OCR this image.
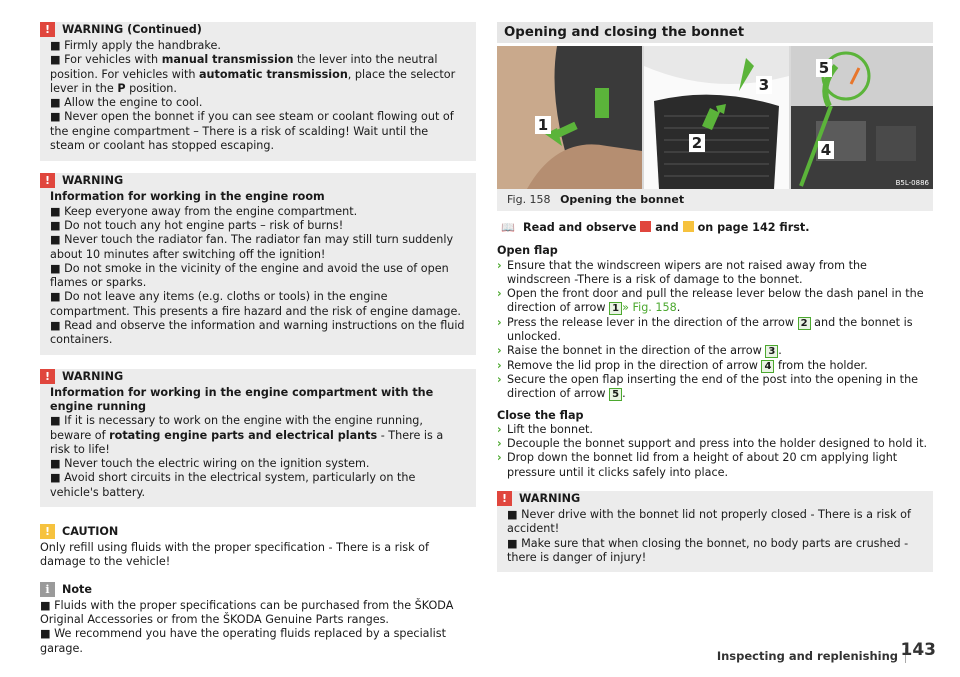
!	WARNING (Continued)

■ Firmly apply the handbrake.
■ For vehicles with manual transmission the lever into the neutral position. For vehicles with automatic transmission, place the selector lever in the P position.
■ Allow the engine to cool.
■ Never open the bonnet if you can see steam or coolant flowing out of the engine compartment – There is a risk of scalding! Wait until the steam or coolant has stopped escaping.

!	WARNING

Information for working in the engine room

■ Keep everyone away from the engine compartment.

■ Do not touch any hot engine parts – risk of burns!

■ Never touch the radiator fan. The radiator fan may still turn suddenly about 10 minutes after switching off the ignition!

■ Do not smoke in the vicinity of the engine and avoid the use of open flames or sparks.

■ Do not leave any items (e.g. cloths or tools) in the engine compartment. This presents a fire hazard and the risk of engine damage.

■ Read and observe the information and warning instructions on the fluid containers.

!	WARNING

Information for working in the engine compartment with the engine running

■ If it is necessary to work on the engine with the engine running, beware of rotating engine parts and electrical plants - There is a risk to life!

■ Never touch the electric wiring on the ignition system.

■ Avoid short circuits in the electrical system, particularly on the vehicle's battery.

!	CAUTION

Only refill using fluids with the proper specification - There is a risk of damage to the vehicle!

i	Note

■ Fluids with the proper specifications can be purchased from the ŠKODA Original Accessories or from the ŠKODA Genuine Parts ranges.

■ We recommend you have the operating fluids replaced by a specialist garage.

Opening and closing the bonnet
1
2
3
4
5
B5L-0886
Fig. 158 Opening the bonnet
📖 Read and observe and on page 142 first.
Open flap
› Ensure that the windscreen wipers are not raised away from the windscreen -There is a risk of damage to the bonnet.
› Open the front door and pull the release lever below the dash panel in the direction of arrow 1 » Fig. 158.
› Press the release lever in the direction of the arrow 2 and the bonnet is unlocked.
› Raise the bonnet in the direction of the arrow 3 .
› Remove the lid prop in the direction of arrow 4 from the holder.
› Secure the open flap inserting the end of the post into the opening in the direction of arrow 5 .
Close the flap
› Lift the bonnet.
› Decouple the bonnet support and press into the holder designed to hold it.
› Drop down the bonnet lid from a height of about 20 cm applying light pressure until it clicks safely into place.
!	WARNING

■ Never drive with the bonnet lid not properly closed - There is a risk of accident!

■ Make sure that when closing the bonnet, no body parts are crushed - there is danger of injury!

Inspecting and replenishing 143
